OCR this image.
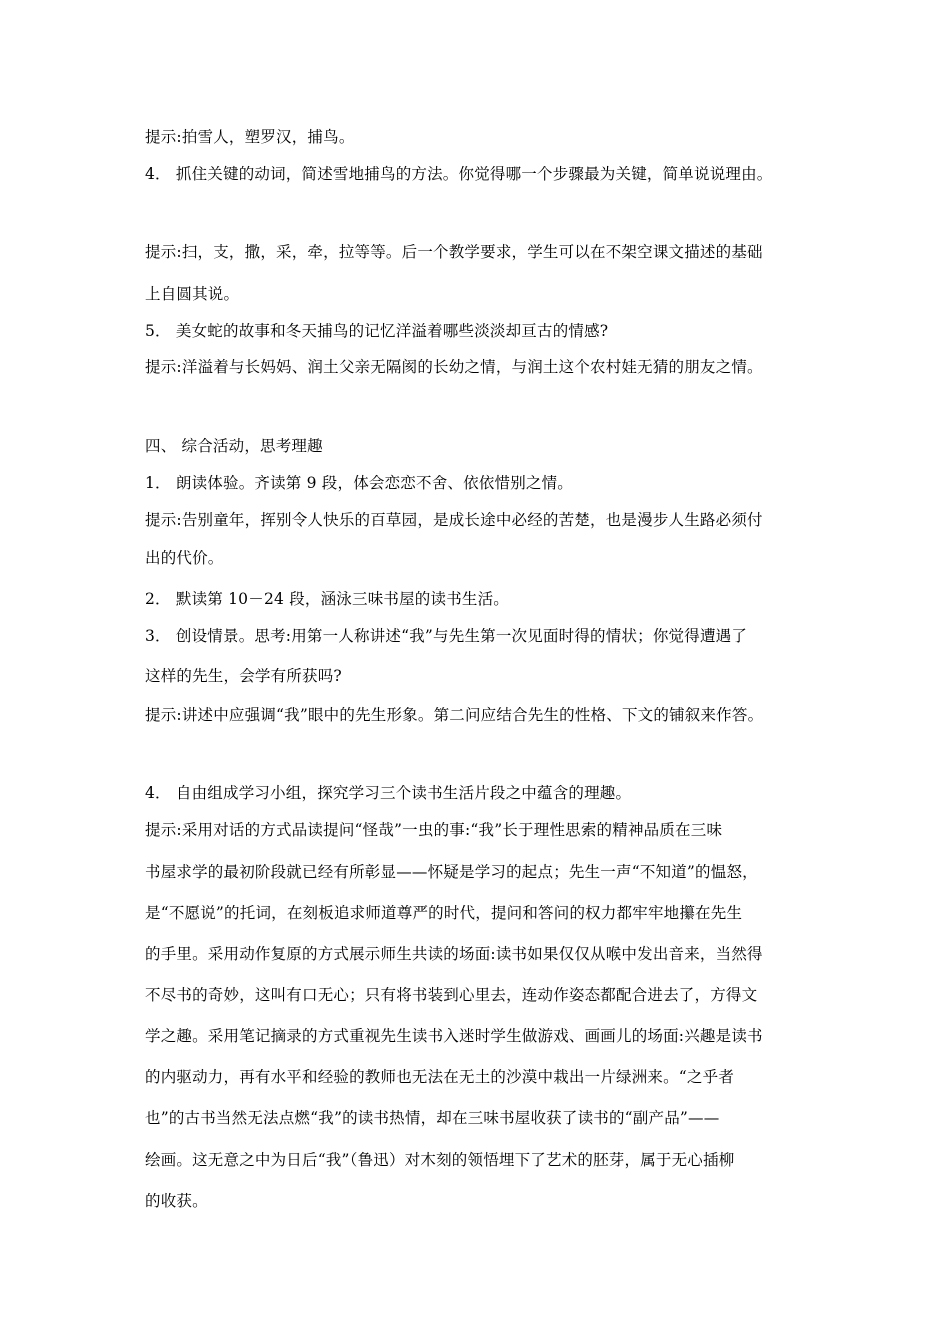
提示:拍雪人，塑罗汉，捕鸟。
4． 抓住关键的动词，简述雪地捕鸟的方法。你觉得哪一个步骤最为关键，简单说说理由。
提示:扫，支，撒，采，牵，拉等等。后一个教学要求，学生可以在不架空课文描述的基础
上自圆其说。
5． 美女蛇的故事和冬天捕鸟的记忆洋溢着哪些淡淡却亘古的情感?
提示:洋溢着与长妈妈、润土父亲无隔阂的长幼之情，与润土这个农村娃无猜的朋友之情。
四、 综合活动，思考理趣
1． 朗读体验。齐读第 9 段，体会恋恋不舍、依依惜别之情。
提示:告别童年，挥别令人快乐的百草园，是成长途中必经的苦楚，也是漫步人生路必须付
出的代价。
2． 默读第 10－24 段，涵泳三味书屋的读书生活。
3． 创设情景。思考:用第一人称讲述“我”与先生第一次见面时得的情状；你觉得遭遇了
这样的先生，会学有所获吗?
提示:讲述中应强调“我”眼中的先生形象。第二问应结合先生的性格、下文的铺叙来作答。
4． 自由组成学习小组，探究学习三个读书生活片段之中蕴含的理趣。
提示:采用对话的方式品读提问“怪哉”一虫的事:“我”长于理性思索的精神品质在三味
书屋求学的最初阶段就已经有所彰显——怀疑是学习的起点；先生一声“不知道”的愠怒，
是“不愿说”的托词，在刻板追求师道尊严的时代，提问和答问的权力都牢牢地攥在先生
的手里。采用动作复原的方式展示师生共读的场面:读书如果仅仅从喉中发出音来，当然得
不尽书的奇妙，这叫有口无心；只有将书装到心里去，连动作姿态都配合进去了，方得文
学之趣。采用笔记摘录的方式重视先生读书入迷时学生做游戏、画画儿的场面:兴趣是读书
的内驱动力，再有水平和经验的教师也无法在无土的沙漠中栽出一片绿洲来。“之乎者
也”的古书当然无法点燃“我”的读书热情，却在三味书屋收获了读书的“副产品”——
绘画。这无意之中为日后“我”（鲁迅）对木刻的领悟埋下了艺术的胚芽，属于无心插柳
的收获。
